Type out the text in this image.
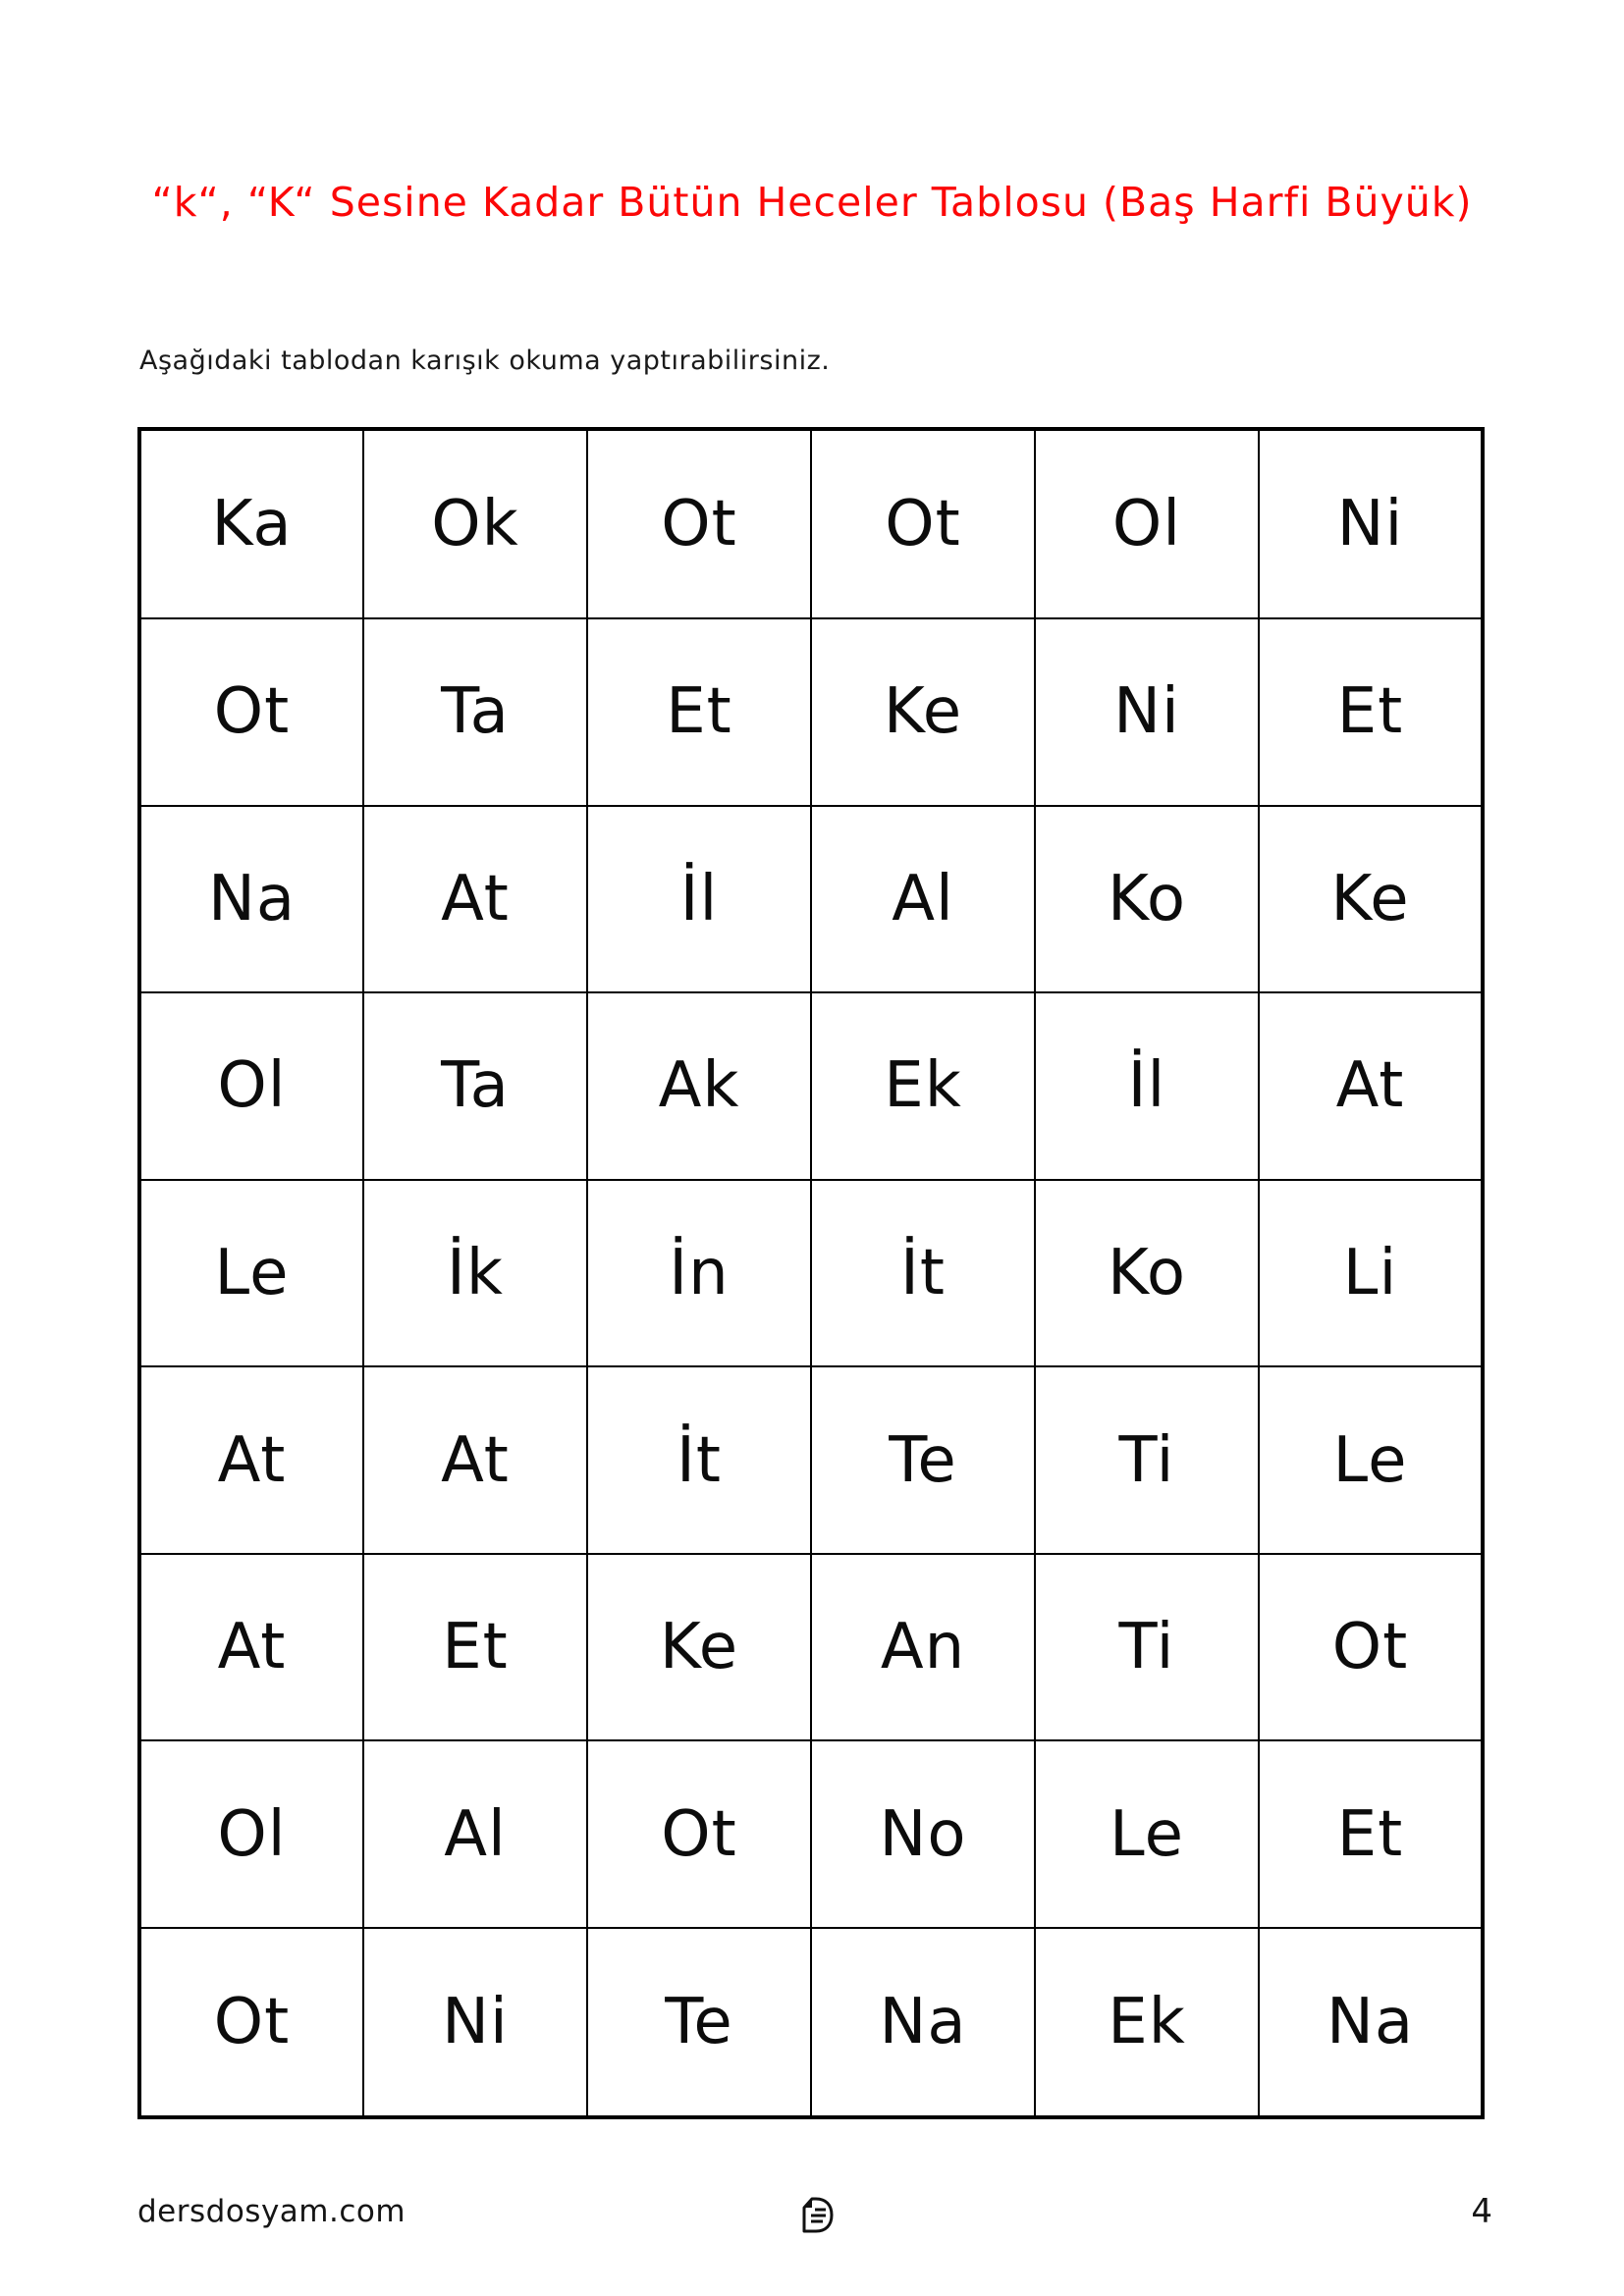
“k“, “K“ Sesine Kadar Bütün Heceler Tablosu (Baş Harfi Büyük)
Aşağıdaki tablodan karışık okuma yaptırabilirsiniz.
Ka	Ok	Ot	Ot	Ol	Ni
Ot	Ta	Et	Ke	Ni	Et
Na	At	İl	Al	Ko	Ke
Ol	Ta	Ak	Ek	İl	At
Le	İk	İn	İt	Ko	Li
At	At	İt	Te	Ti	Le
At	Et	Ke	An	Ti	Ot
Ol	Al	Ot	No	Le	Et
Ot	Ni	Te	Na	Ek	Na
dersdosyam.com	4
